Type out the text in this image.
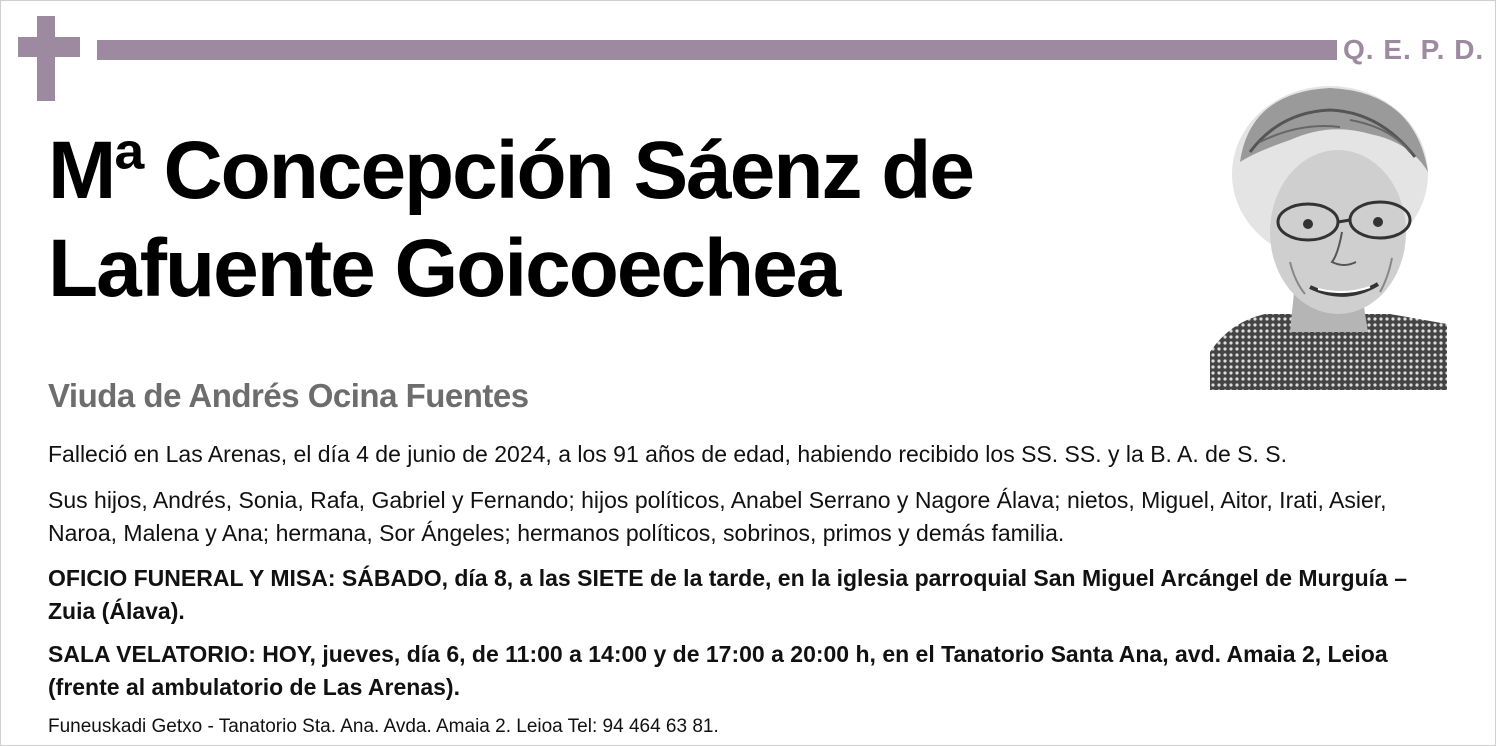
Q. E. P. D.
Mª Concepción Sáenz de
Lafuente Goicoechea
Viuda de Andrés Ocina Fuentes
Falleció en Las Arenas, el día 4 de junio de 2024, a los 91 años de edad, habiendo recibido los SS. SS. y la B. A. de S. S.
Sus hijos, Andrés, Sonia, Rafa, Gabriel y Fernando; hijos políticos, Anabel Serrano y Nagore Álava; nietos, Miguel, Aitor, Irati, Asier, Naroa, Malena y Ana; hermana, Sor Ángeles; hermanos políticos, sobrinos, primos y demás familia.
OFICIO FUNERAL Y MISA: SÁBADO, día 8, a las SIETE de la tarde, en la iglesia parroquial San Miguel Arcángel de Murguía – Zuia (Álava).
SALA VELATORIO: HOY, jueves, día 6, de 11:00 a 14:00 y de 17:00 a 20:00 h, en el Tanatorio Santa Ana, avd. Amaia 2, Leioa (frente al ambulatorio de Las Arenas).
Funeuskadi Getxo - Tanatorio Sta. Ana. Avda. Amaia 2. Leioa Tel: 94 464 63 81.
